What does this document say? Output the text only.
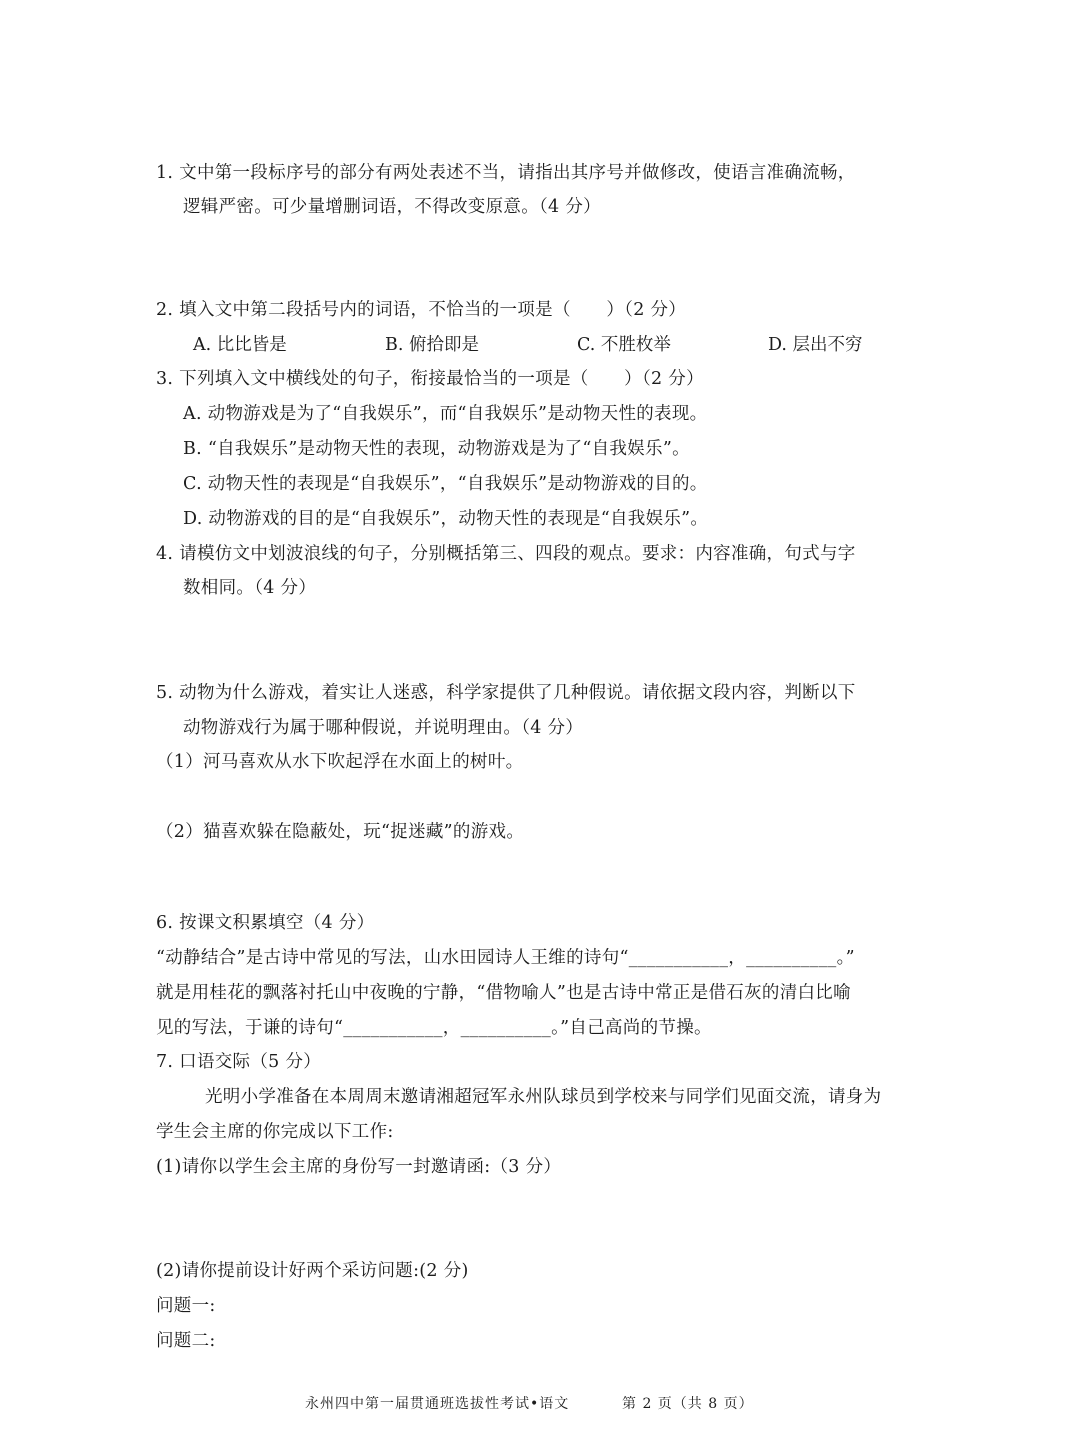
1. 文中第一段标序号的部分有两处表述不当，请指出其序号并做修改，使语言准确流畅，
逻辑严密。可少量增删词语，不得改变原意。（4 分）
2. 填入文中第二段括号内的词语，不恰当的一项是（　　）（2 分）
A. 比比皆是	B. 俯拾即是	C. 不胜枚举	D. 层出不穷
3. 下列填入文中横线处的句子，衔接最恰当的一项是（　　）（2 分）
A. 动物游戏是为了“自我娱乐”，而“自我娱乐”是动物天性的表现。
B. “自我娱乐”是动物天性的表现，动物游戏是为了“自我娱乐”。
C. 动物天性的表现是“自我娱乐”，“自我娱乐”是动物游戏的目的。
D. 动物游戏的目的是“自我娱乐”，动物天性的表现是“自我娱乐”。
4. 请模仿文中划波浪线的句子，分别概括第三、四段的观点。要求：内容准确，句式与字
数相同。（4 分）
5. 动物为什么游戏，着实让人迷惑，科学家提供了几种假说。请依据文段内容，判断以下
动物游戏行为属于哪种假说，并说明理由。（4 分）
（1）河马喜欢从水下吹起浮在水面上的树叶。
（2）猫喜欢躲在隐蔽处，玩“捉迷藏”的游戏。
6. 按课文积累填空（4 分）
“动静结合”是古诗中常见的写法，山水田园诗人王维的诗句“___________，__________。”
就是用桂花的飘落衬托山中夜晚的宁静，“借物喻人”也是古诗中常正是借石灰的清白比喻
见的写法，于谦的诗句“___________，__________。”自己高尚的节操。
7. 口语交际（5 分）
光明小学准备在本周周末邀请湘超冠军永州队球员到学校来与同学们见面交流，请身为
学生会主席的你完成以下工作:
(1)请你以学生会主席的身份写一封邀请函:（3 分）
(2)请你提前设计好两个采访问题:(2 分)
问题一:
问题二:
永州四中第一届贯通班选拔性考试•语文	第 2 页（共 8 页）
